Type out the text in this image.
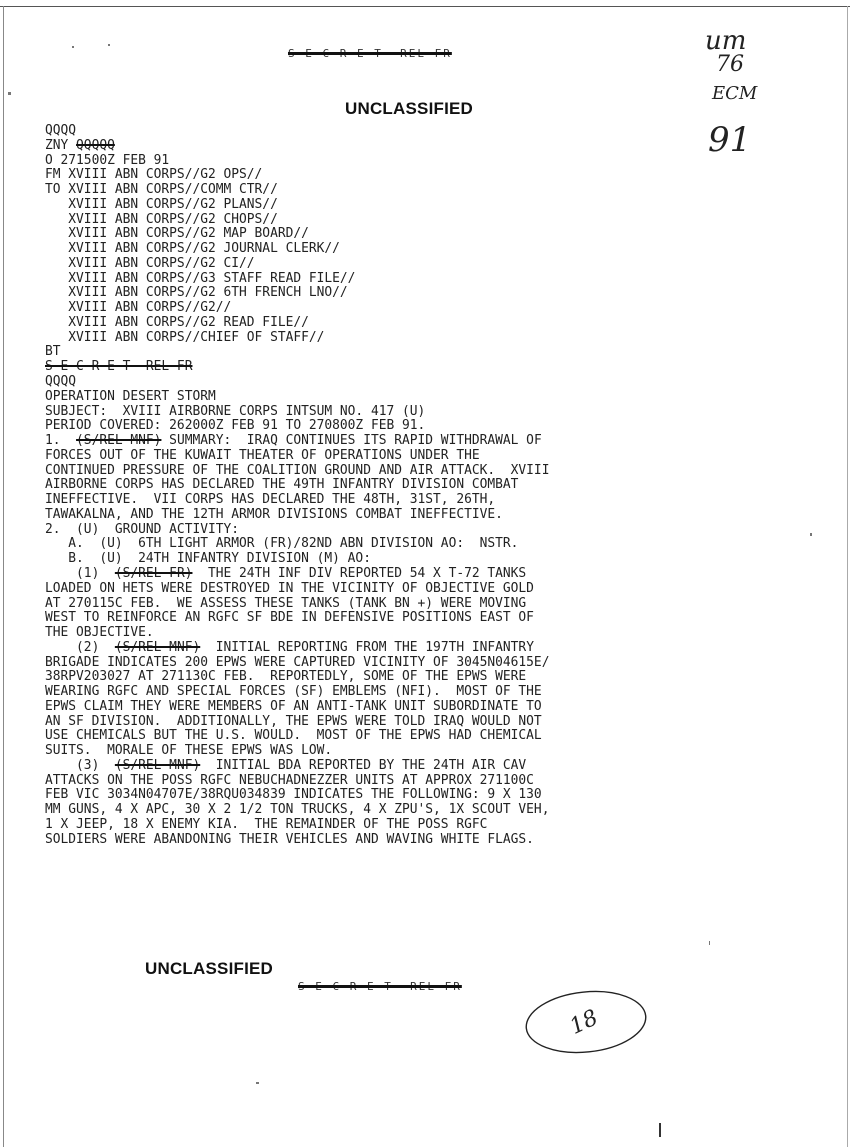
S E C R E T  REL FR
UNCLASSIFIED
um
76
ECM
91
QQQQ
ZNY QQQQQ
O 271500Z FEB 91
FM XVIII ABN CORPS//G2 OPS//
TO XVIII ABN CORPS//COMM CTR//
XVIII ABN CORPS//G2 PLANS//
XVIII ABN CORPS//G2 CHOPS//
XVIII ABN CORPS//G2 MAP BOARD//
XVIII ABN CORPS//G2 JOURNAL CLERK//
XVIII ABN CORPS//G2 CI//
XVIII ABN CORPS//G3 STAFF READ FILE//
XVIII ABN CORPS//G2 6TH FRENCH LNO//
XVIII ABN CORPS//G2//
XVIII ABN CORPS//G2 READ FILE//
XVIII ABN CORPS//CHIEF OF STAFF//
BT
S E C R E T  REL FR
QQQQ
OPERATION DESERT STORM
SUBJECT:  XVIII AIRBORNE CORPS INTSUM NO. 417 (U)
PERIOD COVERED: 262000Z FEB 91 TO 270800Z FEB 91.
1.  (S/REL MNF) SUMMARY:  IRAQ CONTINUES ITS RAPID WITHDRAWAL OF
FORCES OUT OF THE KUWAIT THEATER OF OPERATIONS UNDER THE
CONTINUED PRESSURE OF THE COALITION GROUND AND AIR ATTACK.  XVIII
AIRBORNE CORPS HAS DECLARED THE 49TH INFANTRY DIVISION COMBAT
INEFFECTIVE.  VII CORPS HAS DECLARED THE 48TH, 31ST, 26TH,
TAWAKALNA, AND THE 12TH ARMOR DIVISIONS COMBAT INEFFECTIVE.
2.  (U)  GROUND ACTIVITY:
A.  (U)  6TH LIGHT ARMOR (FR)/82ND ABN DIVISION AO:  NSTR.
B.  (U)  24TH INFANTRY DIVISION (M) AO:
(1)  (S/REL FR)  THE 24TH INF DIV REPORTED 54 X T-72 TANKS
LOADED ON HETS WERE DESTROYED IN THE VICINITY OF OBJECTIVE GOLD
AT 270115C FEB.  WE ASSESS THESE TANKS (TANK BN +) WERE MOVING
WEST TO REINFORCE AN RGFC SF BDE IN DEFENSIVE POSITIONS EAST OF
THE OBJECTIVE.
(2)  (S/REL MNF)  INITIAL REPORTING FROM THE 197TH INFANTRY
BRIGADE INDICATES 200 EPWS WERE CAPTURED VICINITY OF 3045N04615E/
38RPV203027 AT 271130C FEB.  REPORTEDLY, SOME OF THE EPWS WERE
WEARING RGFC AND SPECIAL FORCES (SF) EMBLEMS (NFI).  MOST OF THE
EPWS CLAIM THEY WERE MEMBERS OF AN ANTI-TANK UNIT SUBORDINATE TO
AN SF DIVISION.  ADDITIONALLY, THE EPWS WERE TOLD IRAQ WOULD NOT
USE CHEMICALS BUT THE U.S. WOULD.  MOST OF THE EPWS HAD CHEMICAL
SUITS.  MORALE OF THESE EPWS WAS LOW.
(3)  (S/REL MNF)  INITIAL BDA REPORTED BY THE 24TH AIR CAV
ATTACKS ON THE POSS RGFC NEBUCHADNEZZER UNITS AT APPROX 271100C
FEB VIC 3034N04707E/38RQU034839 INDICATES THE FOLLOWING: 9 X 130
MM GUNS, 4 X APC, 30 X 2 1/2 TON TRUCKS, 4 X ZPU'S, 1X SCOUT VEH,
1 X JEEP, 18 X ENEMY KIA.  THE REMAINDER OF THE POSS RGFC
SOLDIERS WERE ABANDONING THEIR VEHICLES AND WAVING WHITE FLAGS.
UNCLASSIFIED
S E C R E T  REL FR
18
